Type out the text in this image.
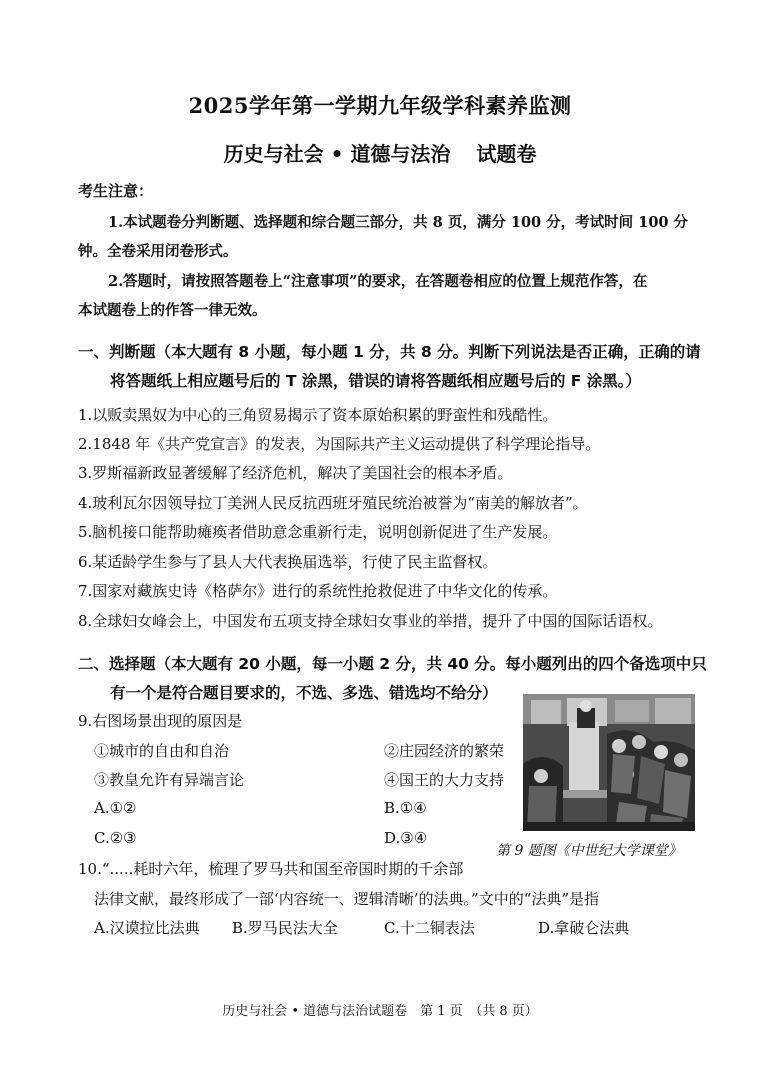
2025学年第一学期九年级学科素养监测
历史与社会 • 道德与法治 试题卷
考生注意：
1.本试题卷分判断题、选择题和综合题三部分，共 8 页，满分 100 分，考试时间 100 分
钟。全卷采用闭卷形式。
2.答题时，请按照答题卷上“注意事项”的要求，在答题卷相应的位置上规范作答，在
本试题卷上的作答一律无效。
一、判断题（本大题有 8 小题，每小题 1 分，共 8 分。判断下列说法是否正确，正确的请
将答题纸上相应题号后的 T 涂黑，错误的请将答题纸相应题号后的 F 涂黑。）
1.以贩卖黑奴为中心的三角贸易揭示了资本原始积累的野蛮性和残酷性。
2.1848 年《共产党宣言》的发表，为国际共产主义运动提供了科学理论指导。
3.罗斯福新政显著缓解了经济危机，解决了美国社会的根本矛盾。
4.玻利瓦尔因领导拉丁美洲人民反抗西班牙殖民统治被誉为“南美的解放者”。
5.脑机接口能帮助瘫痪者借助意念重新行走，说明创新促进了生产发展。
6.某适龄学生参与了县人大代表换届选举，行使了民主监督权。
7.国家对藏族史诗《格萨尔》进行的系统性抢救促进了中华文化的传承。
8.全球妇女峰会上，中国发布五项支持全球妇女事业的举措，提升了中国的国际话语权。
二、选择题（本大题有 20 小题，每一小题 2 分，共 40 分。每小题列出的四个备选项中只
有一个是符合题目要求的，不选、多选、错选均不给分）
9.右图场景出现的原因是
①城市的自由和自治	②庄园经济的繁荣
③教皇允许有异端言论	④国王的大力支持
A.①②	B.①④
C.②③	D.③④
第 9 题图《中世纪大学课堂》
10.“.....耗时六年，梳理了罗马共和国至帝国时期的千余部
法律文献，最终形成了一部‘内容统一、逻辑清晰’的法典。”文中的“法典”是指
A.汉谟拉比法典 B.罗马民法大全	C.十二铜表法	D.拿破仑法典
历史与社会 • 道德与法治试题卷　第 1 页　（共 8 页）
